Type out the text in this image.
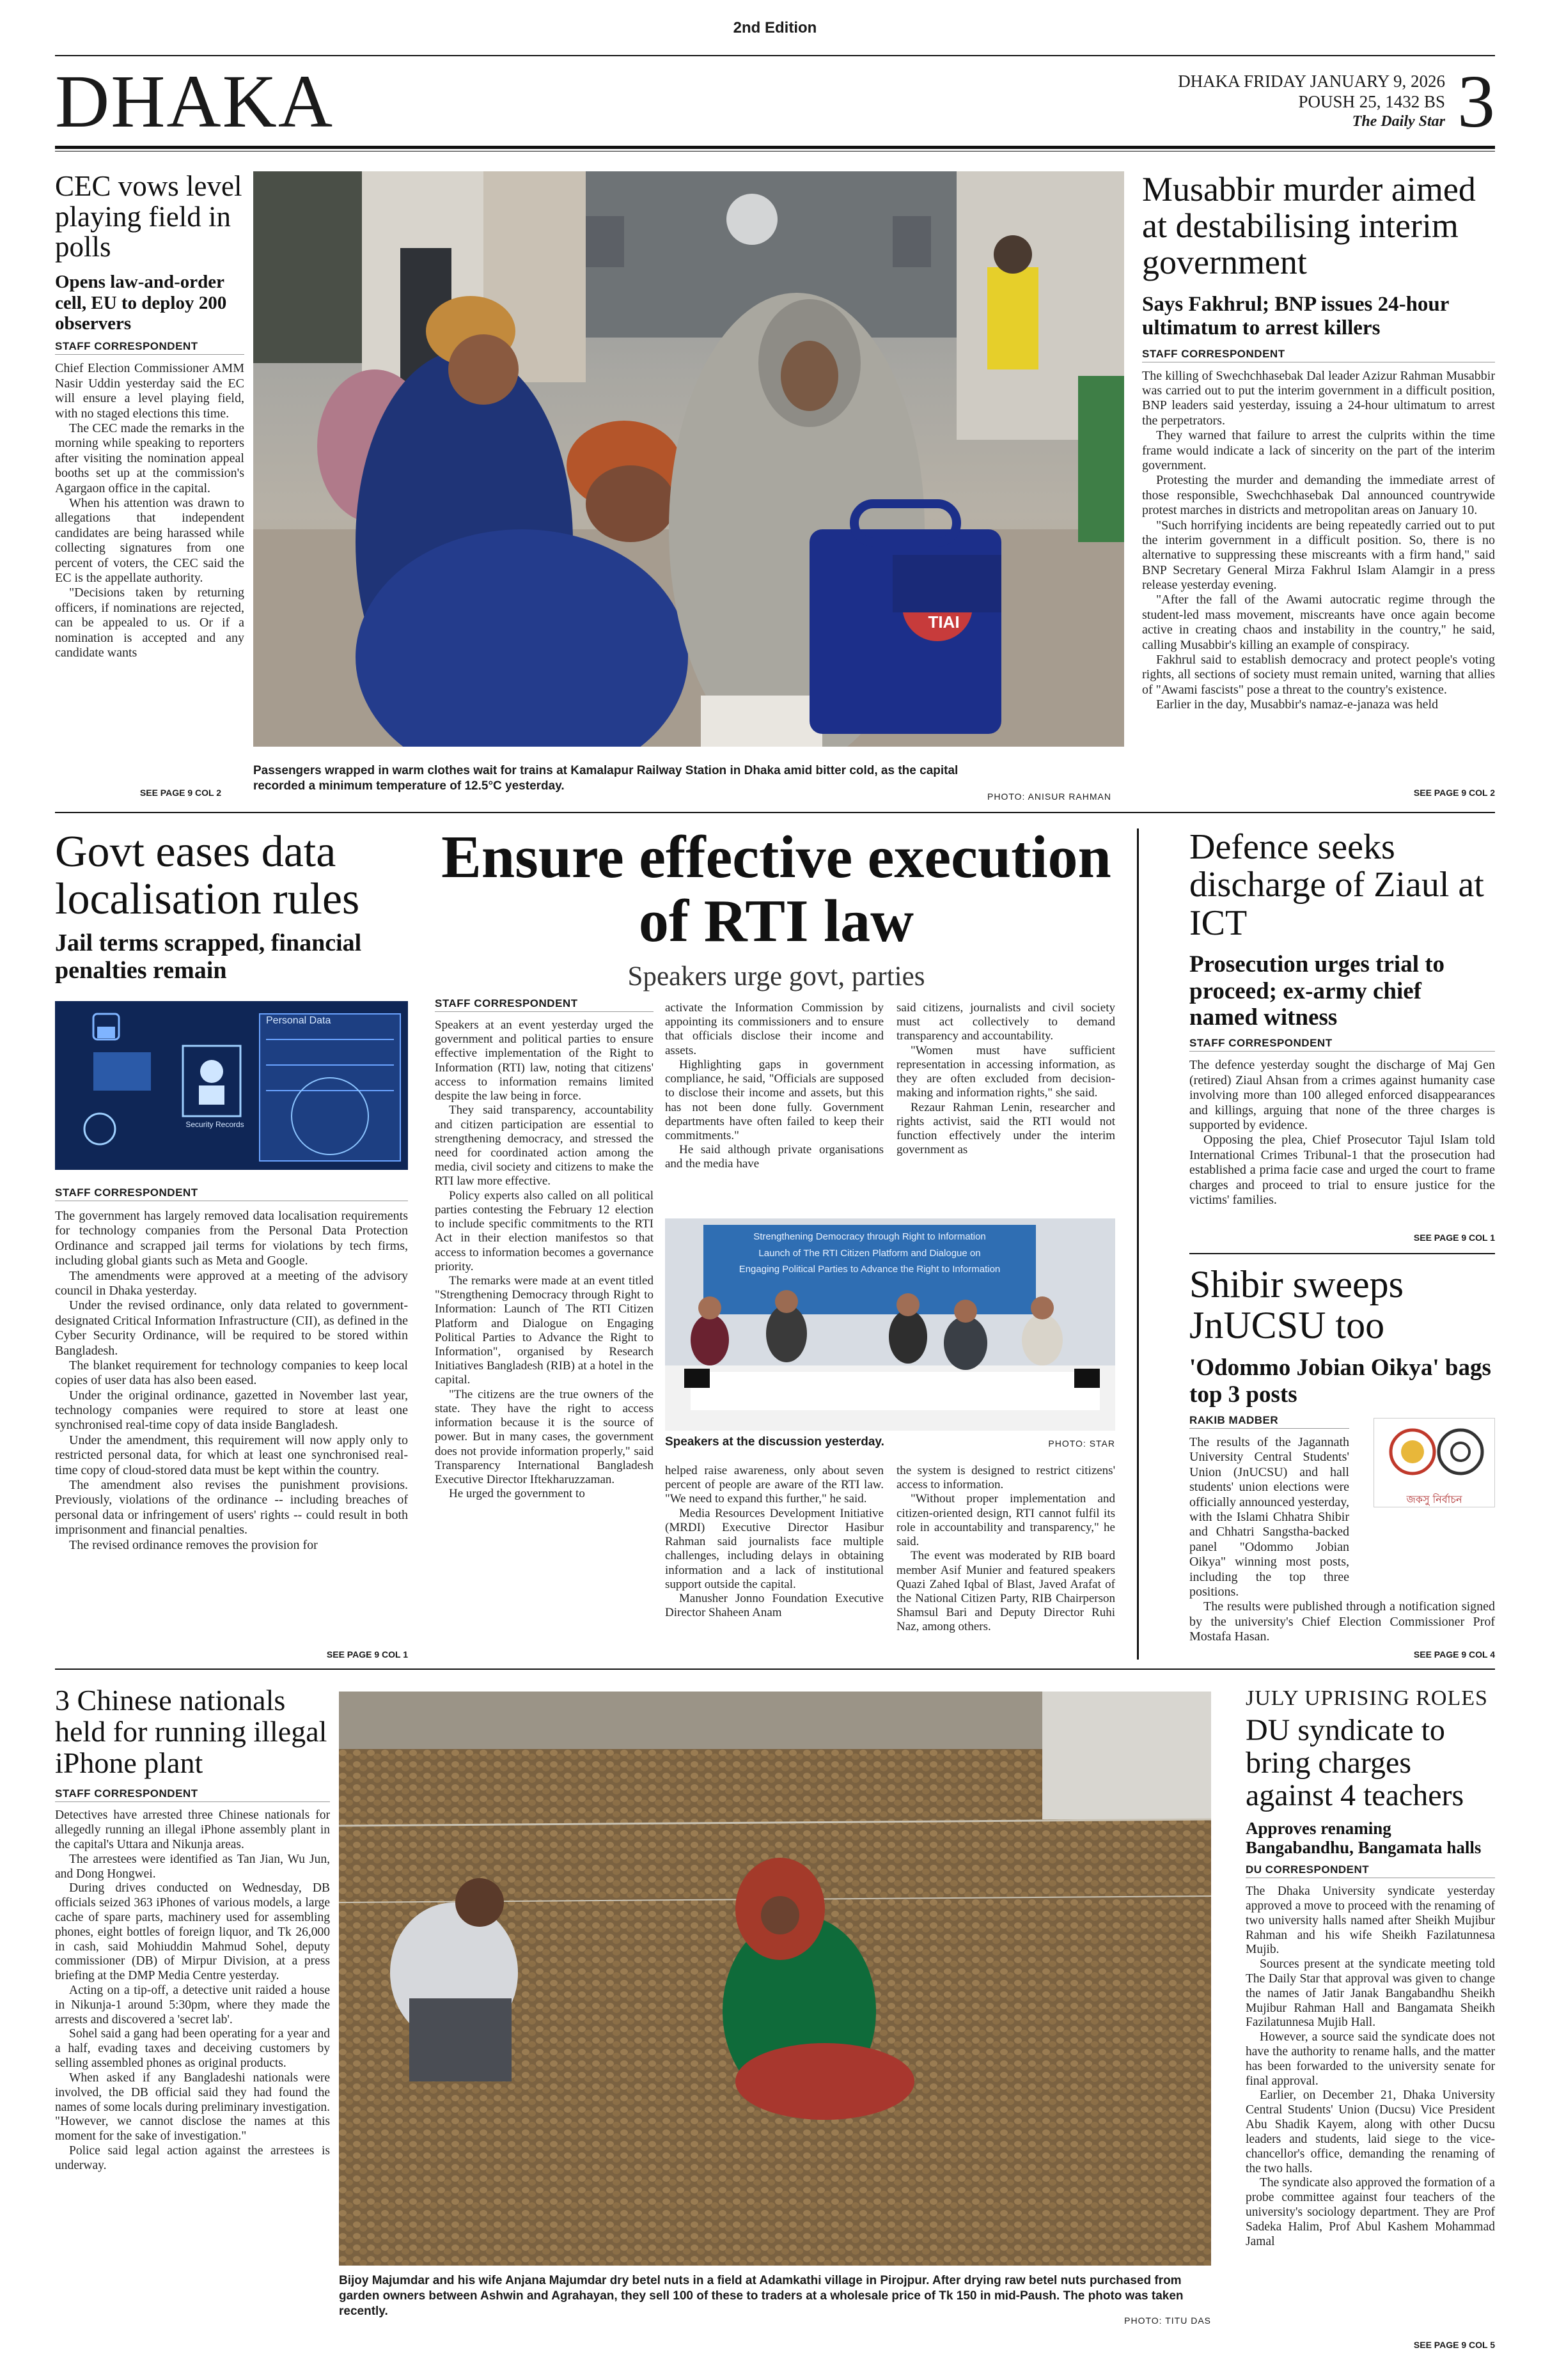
2nd Edition
DHAKA	DHAKA FRIDAY JANUARY 9, 2026
POUSH 25, 1432 BS
The Daily Star 3
CEC vows level playing field in polls
Opens law-and-order cell, EU to deploy 200 observers
STAFF CORRESPONDENT

Chief Election Commissioner AMM Nasir Uddin yesterday said the EC will ensure a level playing field, with no staged elections this time.

The CEC made the remarks in the morning while speaking to reporters after visiting the nomination appeal booths set up at the commission's Agargaon office in the capital.

When his attention was drawn to allegations that independent candidates are being harassed while collecting signatures from one percent of voters, the CEC said the EC is the appellate authority.

"Decisions taken by returning officers, if nominations are rejected, can be appealed to us. Or if a nomination is accepted and any candidate wants

SEE PAGE 9 COL 2
TIAI
Passengers wrapped in warm clothes wait for trains at Kamalapur Railway Station in Dhaka amid bitter cold, as the capital recorded a minimum temperature of 12.5°C yesterday.
PHOTO: ANISUR RAHMAN
Musabbir murder aimed at destabilising interim government
Says Fakhrul; BNP issues 24-hour ultimatum to arrest killers
STAFF CORRESPONDENT

The killing of Swechchhasebak Dal leader Azizur Rahman Musabbir was carried out to put the interim government in a difficult position, BNP leaders said yesterday, issuing a 24-hour ultimatum to arrest the perpetrators.

They warned that failure to arrest the culprits within the time frame would indicate a lack of sincerity on the part of the interim government.

Protesting the murder and demanding the immediate arrest of those responsible, Swechchhasebak Dal announced countrywide protest marches in districts and metropolitan areas on January 10.

"Such horrifying incidents are being repeatedly carried out to put the interim government in a difficult position. So, there is no alternative to suppressing these miscreants with a firm hand," said BNP Secretary General Mirza Fakhrul Islam Alamgir in a press release yesterday evening.

"After the fall of the Awami autocratic regime through the student-led mass movement, miscreants have once again become active in creating chaos and instability in the country," he said, calling Musabbir's killing an example of conspiracy.

Fakhrul said to establish democracy and protect people's voting rights, all sections of society must remain united, warning that allies of "Awami fascists" pose a threat to the country's existence.

Earlier in the day, Musabbir's namaz-e-janaza was held

SEE PAGE 9 COL 2
Govt eases data localisation rules
Jail terms scrapped, financial penalties remain
Personal Data
Security Records
STAFF CORRESPONDENT

The government has largely removed data localisation requirements for technology companies from the Personal Data Protection Ordinance and scrapped jail terms for violations by tech firms, including global giants such as Meta and Google.

The amendments were approved at a meeting of the advisory council in Dhaka yesterday.

Under the revised ordinance, only data related to government-designated Critical Information Infrastructure (CII), as defined in the Cyber Security Ordinance, will be required to be stored within Bangladesh.

The blanket requirement for technology companies to keep local copies of user data has also been eased.

Under the original ordinance, gazetted in November last year, technology companies were required to store at least one synchronised real-time copy of data inside Bangladesh.

Under the amendment, this requirement will now apply only to restricted personal data, for which at least one synchronised real-time copy of cloud-stored data must be kept within the country.

The amendment also revises the punishment provisions. Previously, violations of the ordinance -- including breaches of personal data or infringement of users' rights -- could result in both imprisonment and financial penalties.

The revised ordinance removes the provision for

SEE PAGE 9 COL 1
Ensure effective execution of RTI law
Speakers urge govt, parties
STAFF CORRESPONDENT

Speakers at an event yesterday urged the government and political parties to ensure effective implementation of the Right to Information (RTI) law, noting that citizens' access to information remains limited despite the law being in force.

They said transparency, accountability and citizen participation are essential to strengthening democracy, and stressed the need for coordinated action among the media, civil society and citizens to make the RTI law more effective.

Policy experts also called on all political parties contesting the February 12 election to include specific commitments to the RTI Act in their election manifestos so that access to information becomes a governance priority.

The remarks were made at an event titled "Strengthening Democracy through Right to Information: Launch of The RTI Citizen Platform and Dialogue on Engaging Political Parties to Advance the Right to Information", organised by Research Initiatives Bangladesh (RIB) at a hotel in the capital.

"The citizens are the true owners of the state. They have the right to access information because it is the source of power. But in many cases, the government does not provide information properly," said Transparency International Bangladesh Executive Director Iftekharuzzaman.

He urged the government to

activate the Information Commission by appointing its commissioners and to ensure that officials disclose their income and assets.

Highlighting gaps in government compliance, he said, "Officials are supposed to disclose their income and assets, but this has not been done fully. Government departments have often failed to keep their commitments."

He said although private organisations and the media have

said citizens, journalists and civil society must act collectively to demand transparency and accountability.

"Women must have sufficient representation in accessing information, as they are often excluded from decision-making and information rights," she said.

Rezaur Rahman Lenin, researcher and rights activist, said the RTI would not function effectively under the interim government as

Strengthening Democracy through Right to Information
Launch of The RTI Citizen Platform and Dialogue on
Engaging Political Parties to Advance the Right to Information
Speakers at the discussion yesterday.	PHOTO: STAR

helped raise awareness, only about seven percent of people are aware of the RTI law. "We need to expand this further," he said.

Media Resources Development Initiative (MRDI) Executive Director Hasibur Rahman said journalists face multiple challenges, including delays in obtaining information and a lack of institutional support outside the capital.

Manusher Jonno Foundation Executive Director Shaheen Anam

the system is designed to restrict citizens' access to information.

"Without proper implementation and citizen-oriented design, RTI cannot fulfil its role in accountability and transparency," he said.

The event was moderated by RIB board member Asif Munier and featured speakers Quazi Zahed Iqbal of Blast, Javed Arafat of the National Citizen Party, RIB Chairperson Shamsul Bari and Deputy Director Ruhi Naz, among others.

Defence seeks discharge of Ziaul at ICT
Prosecution urges trial to proceed; ex-army chief named witness
STAFF CORRESPONDENT

The defence yesterday sought the discharge of Maj Gen (retired) Ziaul Ahsan from a crimes against humanity case involving more than 100 alleged enforced disappearances and killings, arguing that none of the three charges is supported by evidence.

Opposing the plea, Chief Prosecutor Tajul Islam told International Crimes Tribunal-1 that the prosecution had established a prima facie case and urged the court to frame charges and proceed to trial to ensure justice for the victims' families.

SEE PAGE 9 COL 1
Shibir sweeps JnUCSU too
'Odommo Jobian Oikya' bags top 3 posts
RAKIB MADBER

The results of the Jagannath University Central Students' Union (JnUCSU) and hall students' union elections were officially announced yesterday, with the Islami Chhatra Shibir and Chhatri Sangstha-backed panel "Odommo Jobian Oikya" winning most posts, including the top three positions.

The results were published through a notification signed by the university's Chief Election Commissioner Prof Mostafa Hasan.

জকসু নির্বাচন
SEE PAGE 9 COL 4
3 Chinese nationals held for running illegal iPhone plant
STAFF CORRESPONDENT

Detectives have arrested three Chinese nationals for allegedly running an illegal iPhone assembly plant in the capital's Uttara and Nikunja areas.

The arrestees were identified as Tan Jian, Wu Jun, and Dong Hongwei.

During drives conducted on Wednesday, DB officials seized 363 iPhones of various models, a large cache of spare parts, machinery used for assembling phones, eight bottles of foreign liquor, and Tk 26,000 in cash, said Mohiuddin Mahmud Sohel, deputy commissioner (DB) of Mirpur Division, at a press briefing at the DMP Media Centre yesterday.

Acting on a tip-off, a detective unit raided a house in Nikunja-1 around 5:30pm, where they made the arrests and discovered a 'secret lab'.

Sohel said a gang had been operating for a year and a half, evading taxes and deceiving customers by selling assembled phones as original products.

When asked if any Bangladeshi nationals were involved, the DB official said they had found the names of some locals during preliminary investigation. "However, we cannot disclose the names at this moment for the sake of investigation."

Police said legal action against the arrestees is underway.

Bijoy Majumdar and his wife Anjana Majumdar dry betel nuts in a field at Adamkathi village in Pirojpur. After drying raw betel nuts purchased from garden owners between Ashwin and Agrahayan, they sell 100 of these to traders at a wholesale price of Tk 150 in mid-Paush. The photo was taken recently.
PHOTO: TITU DAS
JULY UPRISING ROLES
DU syndicate to bring charges against 4 teachers
Approves renaming Bangabandhu, Bangamata halls
DU CORRESPONDENT

The Dhaka University syndicate yesterday approved a move to proceed with the renaming of two university halls named after Sheikh Mujibur Rahman and his wife Sheikh Fazilatunnesa Mujib.

Sources present at the syndicate meeting told The Daily Star that approval was given to change the names of Jatir Janak Bangabandhu Sheikh Mujibur Rahman Hall and Bangamata Sheikh Fazilatunnesa Mujib Hall.

However, a source said the syndicate does not have the authority to rename halls, and the matter has been forwarded to the university senate for final approval.

Earlier, on December 21, Dhaka University Central Students' Union (Ducsu) Vice President Abu Shadik Kayem, along with other Ducsu leaders and students, laid siege to the vice-chancellor's office, demanding the renaming of the two halls.

The syndicate also approved the formation of a probe committee against four teachers of the university's sociology department. They are Prof Sadeka Halim, Prof Abul Kashem Mohammad Jamal

SEE PAGE 9 COL 5
